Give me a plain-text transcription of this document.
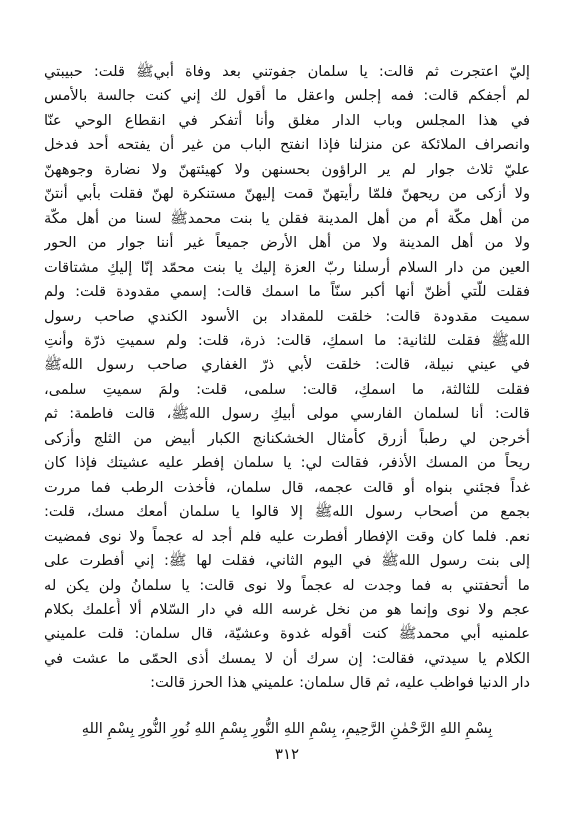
إليّ اعتجرت ثم قالت: يا سلمان جفوتني بعد وفاة أبيﷺ قلت: حبيبتي
لم أجفكم قالت: فمه إجلس واعقل ما أقول لك إني كنت جالسة بالأمس
في هذا المجلس وباب الدار مغلق وأنا أتفكر في انقطاع الوحي عنّا
وانصراف الملائكة عن منزلنا فإذا انفتح الباب من غير أن يفتحه أحد فدخل
عليّ ثلاث جوار لم ير الراؤون بحسنهن ولا كهيئتهنّ ولا نضارة وجوههنّ
ولا أزكى من ريحهنّ فلمّا رأيتهنّ قمت إليهنّ مستنكرة لهنّ فقلت بأبي أنتنّ
من أهل مكّة أم من أهل المدينة فقلن يا بنت محمدﷺ لسنا من أهل مكّة
ولا من أهل المدينة ولا من أهل الأرض جميعاً غير أننا جوار من الحور
العين من دار السلام أرسلنا ربّ العزة إليك يا بنت محمّد إنّا إليكِ مشتاقات
فقلت للّتي أظنّ أنها أكبر سنّاً ما اسمك قالت: إسمي مقدودة قلت: ولم
سميت مقدودة قالت: خلقت للمقداد بن الأسود الكندي صاحب رسول
اللهﷺ فقلت للثانية: ما اسمكِ، قالت: ذرة، قلت: ولم سميتِ ذرّة وأنتِ
في عيني نبيلة، قالت: خلقت لأبي ذرّ الغفاري صاحب رسول اللهﷺ
فقلت للثالثة، ما اسمكِ، قالت: سلمى، قلت: ولمَ سميتِ سلمى،
قالت: أنا لسلمان الفارسي مولى أبيكِ رسول اللهﷺ، قالت فاطمة: ثم
أخرجن لي رطباً أزرق كأمثال الخشكنانج الكبار أبيض من الثلج وأزكى
ريحاً من المسك الأذفر، فقالت لي: يا سلمان إفطر عليه عشيتك فإذا كان
غداً فجئني بنواه أو قالت عجمه، قال سلمان، فأخذت الرطب فما مررت
بجمع من أصحاب رسول اللهﷺ إلا قالوا يا سلمان أمعك مسك، قلت:
نعم. فلما كان وقت الإفطار أفطرت عليه فلم أجد له عجماً ولا نوى فمضيت
إلى بنت رسول اللهﷺ في اليوم الثاني، فقلت لها ﷺ: إني أفطرت على
ما أتحفتني به فما وجدت له عجماً ولا نوى قالت: يا سلمانُ ولن يكن له
عجم ولا نوى وإنما هو من نخل غرسه الله في دار السّلام ألا أُعلمك بكلام
علمنيه أبي محمدﷺ كنت أقوله غدوة وعشيّة، قال سلمان: قلت علميني
الكلام يا سيدتي، فقالت: إن سرك أن لا يمسك أذى الحمّى ما عشت في
دار الدنيا فواظب عليه، ثم قال سلمان: علميني هذا الحرز قالت:
بِسْمِ اللهِ الرَّحْمٰنِ الرَّحِيمِ، بِسْمِ اللهِ النُّورِ بِسْمِ اللهِ نُورِ النُّورِ بِسْمِ اللهِ
٣١٢
